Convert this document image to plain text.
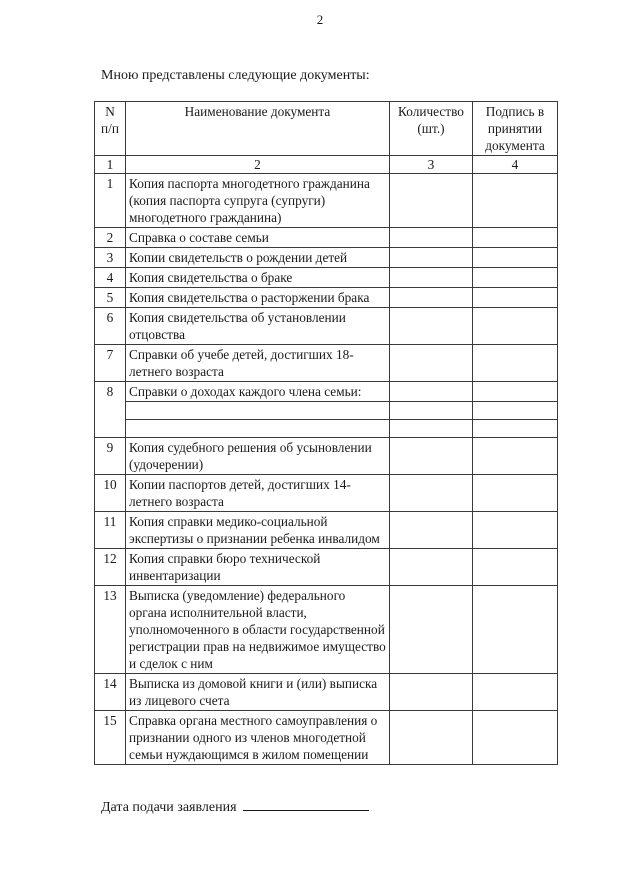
2
Мною представлены следующие документы:
N п/п	Наименование документа	Количество (шт.)	Подпись в принятии документа
1	2	3	4
1	Копия паспорта многодетного гражданина (копия паспорта супруга (супруги) многодетного гражданина)		
2	Справка о составе семьи		
3	Копии свидетельств о рождении детей		
4	Копия свидетельства о браке		
5	Копия свидетельства о расторжении брака		
6	Копия свидетельства об установлении отцовства		
7	Справки об учебе детей, достигших 18-летнего возраста		
8	Справки о доходах каждого члена семьи:		

9	Копия судебного решения об усыновлении (удочерении)		
10	Копии паспортов детей, достигших 14-летнего возраста		
11	Копия справки медико-социальной экспертизы о признании ребенка инвалидом		
12	Копия справки бюро технической инвентаризации		
13	Выписка (уведомление) федерального органа исполнительной власти, уполномоченного в области государственной регистрации прав на недвижимое имущество и сделок с ним		
14	Выписка из домовой книги и (или) выписка из лицевого счета		
15	Справка органа местного самоуправления о признании одного из членов многодетной семьи нуждающимся в жилом помещении		
Дата подачи заявления
